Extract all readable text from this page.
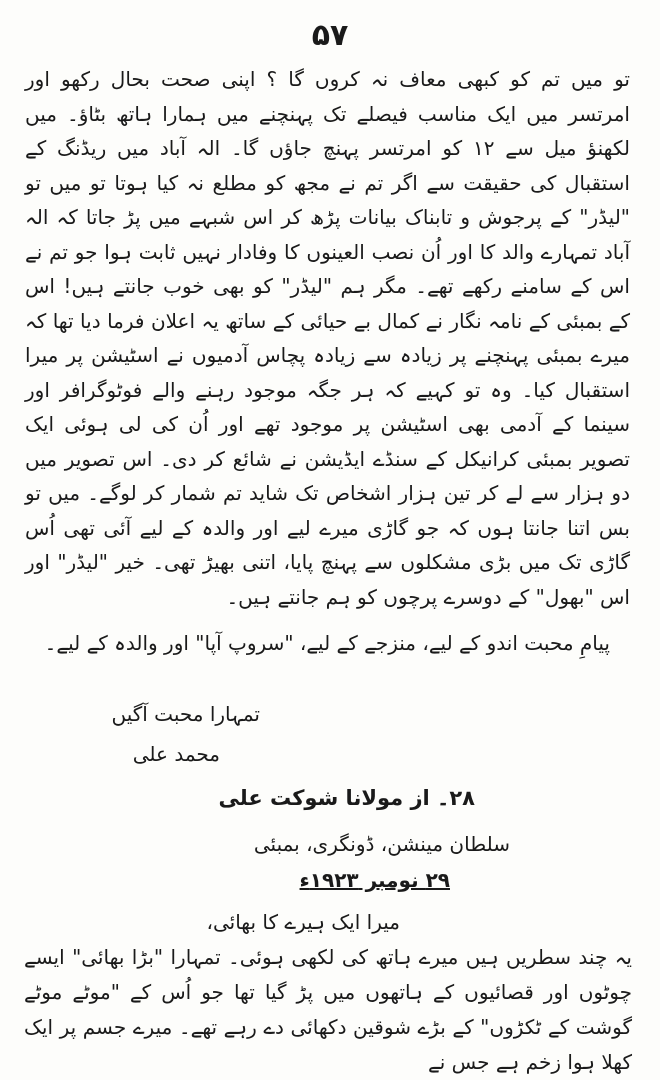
۵۷

تو میں تم کو کبھی معاف نہ کروں گا ؟ اپنی صحت بحال رکھو اور امرتسر میں ایک مناسب فیصلے تک پہنچنے میں ہمارا ہاتھ بٹاؤ۔ میں لکھنؤ میل سے ۱۲ کو امرتسر پہنچ جاؤں گا۔ الہ آباد میں ریڈنگ کے استقبال کی حقیقت سے اگر تم نے مجھ کو مطلع نہ کیا ہوتا تو میں تو "لیڈر" کے پرجوش و تابناک بیانات پڑھ کر اس شبہے میں پڑ جاتا کہ الہ آباد تمہارے والد کا اور اُن نصب العینوں کا وفادار نہیں ثابت ہوا جو تم نے اس کے سامنے رکھے تھے۔ مگر ہم "لیڈر" کو بھی خوب جانتے ہیں! اس کے بمبئی کے نامہ نگار نے کمال بے حیائی کے ساتھ یہ اعلان فرما دیا تھا کہ میرے بمبئی پہنچنے پر زیادہ سے زیادہ پچاس آدمیوں نے اسٹیشن پر میرا استقبال کیا۔ وہ تو کہیے کہ ہر جگہ موجود رہنے والے فوٹوگرافر اور سینما کے آدمی بھی اسٹیشن پر موجود تھے اور اُن کی لی ہوئی ایک تصویر بمبئی کرانیکل کے سنڈے ایڈیشن نے شائع کر دی۔ اس تصویر میں دو ہزار سے لے کر تین ہزار اشخاص تک شاید تم شمار کر لوگے۔ میں تو بس اتنا جانتا ہوں کہ جو گاڑی میرے لیے اور والدہ کے لیے آئی تھی اُس گاڑی تک میں بڑی مشکلوں سے پہنچ پایا، اتنی بھیڑ تھی۔ خیر "لیڈر" اور اس "بھول" کے دوسرے پرچوں کو ہم جانتے ہیں۔

پیامِ محبت اندو کے لیے، منزجے کے لیے، "سروپ آپا" اور والدہ کے لیے۔

تمہارا محبت آگیں
محمد علی
۲۸۔ از مولانا شوکت علی
سلطان مینشن، ڈونگری، بمبئی
۲۹ نومبر ۱۹۲۳ء
میرا ایک ہیرے کا بھائی،

یہ چند سطریں ہیں میرے ہاتھ کی لکھی ہوئی۔ تمہارا "بڑا بھائی" ایسے چوٹوں اور قصائیوں کے ہاتھوں میں پڑ گیا تھا جو اُس کے "موٹے موٹے گوشت کے ٹکڑوں" کے بڑے شوقین دکھائی دے رہے تھے۔ میرے جسم پر ایک کھلا ہوا زخم ہے جس نے
